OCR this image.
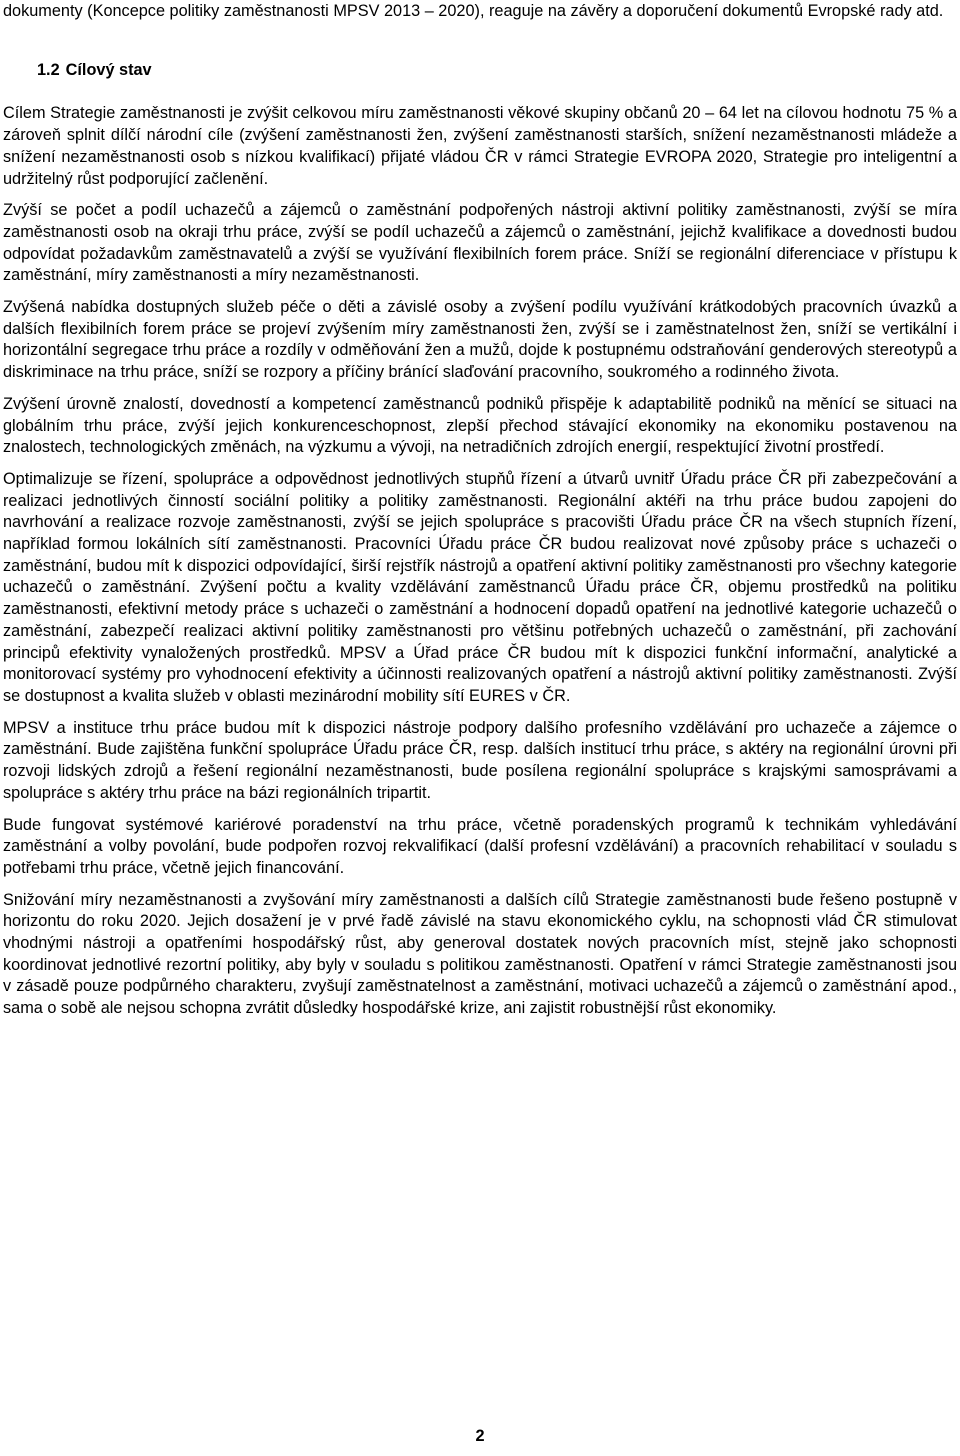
dokumenty (Koncepce politiky zaměstnanosti MPSV 2013 – 2020), reaguje na závěry a doporučení dokumentů Evropské rady atd.

1.2 Cílový stav

Cílem Strategie zaměstnanosti je zvýšit celkovou míru zaměstnanosti věkové skupiny občanů 20 – 64 let na cílovou hodnotu 75 % a zároveň splnit dílčí národní cíle (zvýšení zaměstnanosti žen, zvýšení zaměstnanosti starších, snížení nezaměstnanosti mládeže a snížení nezaměstnanosti osob s nízkou kvalifikací) přijaté vládou ČR v rámci Strategie EVROPA 2020, Strategie pro inteligentní a udržitelný růst podporující začlenění.

Zvýší se počet a podíl uchazečů a zájemců o zaměstnání podpořených nástroji aktivní politiky zaměstnanosti, zvýší se míra zaměstnanosti osob na okraji trhu práce, zvýší se podíl uchazečů a zájemců o zaměstnání, jejichž kvalifikace a dovednosti budou odpovídat požadavkům zaměstnavatelů a zvýší se využívání flexibilních forem práce. Sníží se regionální diferenciace v přístupu k zaměstnání, míry zaměstnanosti a míry nezaměstnanosti.

Zvýšená nabídka dostupných služeb péče o děti a závislé osoby a zvýšení podílu využívání krátkodobých pracovních úvazků a dalších flexibilních forem práce se projeví zvýšením míry zaměstnanosti žen, zvýší se i zaměstnatelnost žen, sníží se vertikální i horizontální segregace trhu práce a rozdíly v odměňování žen a mužů, dojde k postupnému odstraňování genderových stereotypů a diskriminace na trhu práce, sníží se rozpory a příčiny bránící slaďování pracovního, soukromého a rodinného života.

Zvýšení úrovně znalostí, dovedností a kompetencí zaměstnanců podniků přispěje k adaptabilitě podniků na měnící se situaci na globálním trhu práce, zvýší jejich konkurenceschopnost, zlepší přechod stávající ekonomiky na ekonomiku postavenou na znalostech, technologických změnách, na výzkumu a vývoji, na netradičních zdrojích energií, respektující životní prostředí.

Optimalizuje se řízení, spolupráce a odpovědnost jednotlivých stupňů řízení a útvarů uvnitř Úřadu práce ČR při zabezpečování a realizaci jednotlivých činností sociální politiky a politiky zaměstnanosti. Regionální aktéři na trhu práce budou zapojeni do navrhování a realizace rozvoje zaměstnanosti, zvýší se jejich spolupráce s pracovišti Úřadu práce ČR na všech stupních řízení, například formou lokálních sítí zaměstnanosti. Pracovníci Úřadu práce ČR budou realizovat nové způsoby práce s uchazeči o zaměstnání, budou mít k dispozici odpovídající, širší rejstřík nástrojů a opatření aktivní politiky zaměstnanosti pro všechny kategorie uchazečů o zaměstnání. Zvýšení počtu a kvality vzdělávání zaměstnanců Úřadu práce ČR, objemu prostředků na politiku zaměstnanosti, efektivní metody práce s uchazeči o zaměstnání a hodnocení dopadů opatření na jednotlivé kategorie uchazečů o zaměstnání, zabezpečí realizaci aktivní politiky zaměstnanosti pro většinu potřebných uchazečů o zaměstnání, při zachování principů efektivity vynaložených prostředků. MPSV a Úřad práce ČR budou mít k dispozici funkční informační, analytické a monitorovací systémy pro vyhodnocení efektivity a účinnosti realizovaných opatření a nástrojů aktivní politiky zaměstnanosti. Zvýší se dostupnost a kvalita služeb v oblasti mezinárodní mobility sítí EURES v ČR.

MPSV a instituce trhu práce budou mít k dispozici nástroje podpory dalšího profesního vzdělávání pro uchazeče a zájemce o zaměstnání. Bude zajištěna funkční spolupráce Úřadu práce ČR, resp. dalších institucí trhu práce, s aktéry na regionální úrovni při rozvoji lidských zdrojů a řešení regionální nezaměstnanosti, bude posílena regionální spolupráce s krajskými samosprávami a spolupráce s aktéry trhu práce na bázi regionálních tripartit.

Bude fungovat systémové kariérové poradenství na trhu práce, včetně poradenských programů k technikám vyhledávání zaměstnání a volby povolání, bude podpořen rozvoj rekvalifikací (další profesní vzdělávání) a pracovních rehabilitací v souladu s potřebami trhu práce, včetně jejich financování.

Snižování míry nezaměstnanosti a zvyšování míry zaměstnanosti a dalších cílů Strategie zaměstnanosti bude řešeno postupně v horizontu do roku 2020. Jejich dosažení je v prvé řadě závislé na stavu ekonomického cyklu, na schopnosti vlád ČR stimulovat vhodnými nástroji a opatřeními hospodářský růst, aby generoval dostatek nových pracovních míst, stejně jako schopnosti koordinovat jednotlivé rezortní politiky, aby byly v souladu s politikou zaměstnanosti. Opatření v rámci Strategie zaměstnanosti jsou v zásadě pouze podpůrného charakteru, zvyšují zaměstnatelnost a zaměstnání, motivaci uchazečů a zájemců o zaměstnání apod., sama o sobě ale nejsou schopna zvrátit důsledky hospodářské krize, ani zajistit robustnější růst ekonomiky.

2
